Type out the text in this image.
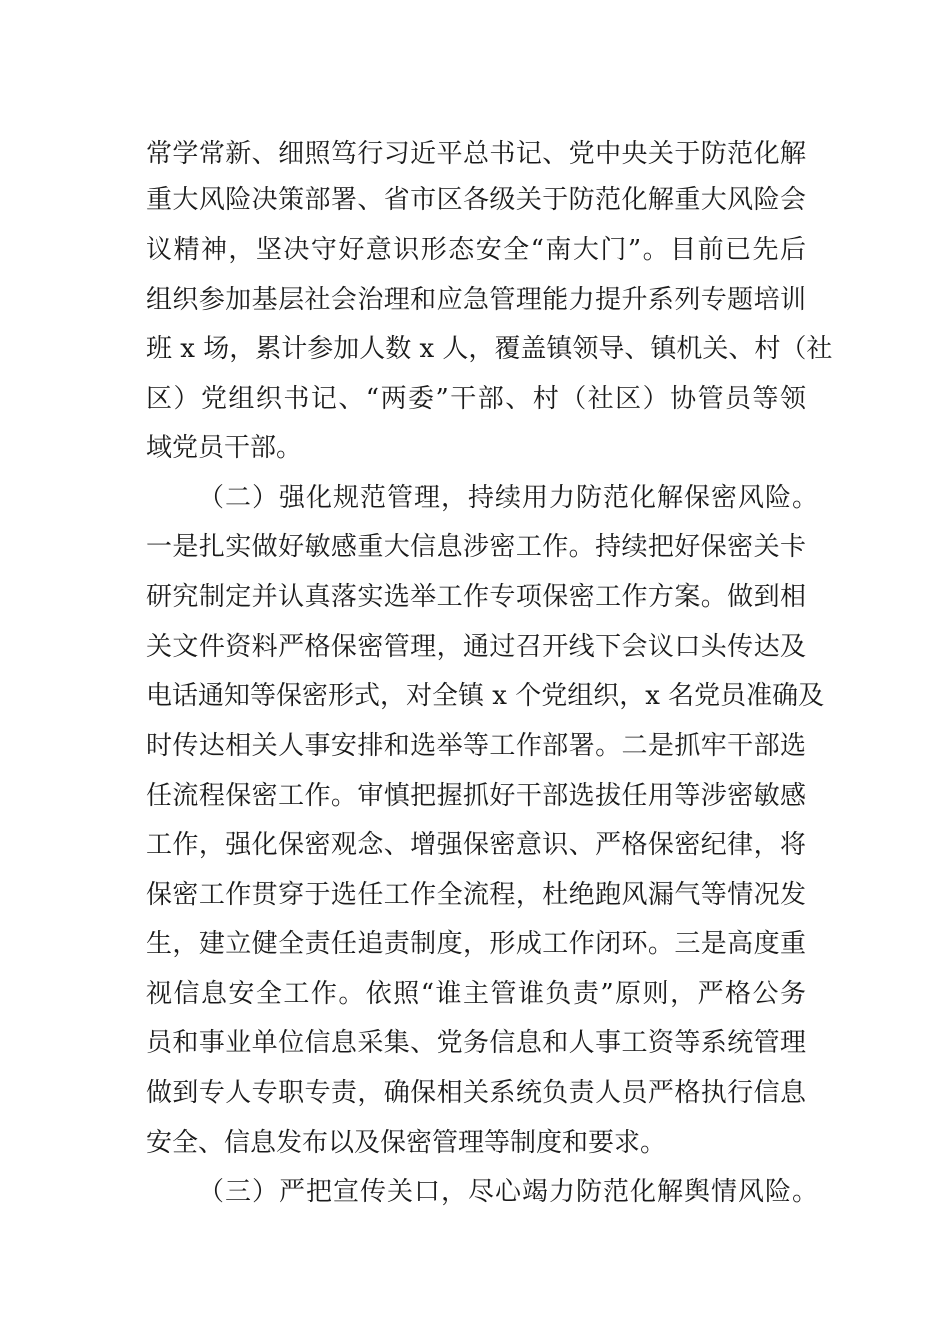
常学常新、细照笃行习近平总书记、党中央关于防范化解
重大风险决策部署、省市区各级关于防范化解重大风险会
议精神，坚决守好意识形态安全“南大门”。目前已先后
组织参加基层社会治理和应急管理能力提升系列专题培训
班 x 场，累计参加人数 x 人，覆盖镇领导、镇机关、村（社
区）党组织书记、“两委”干部、村（社区）协管员等领
域党员干部。
（二）强化规范管理，持续用力防范化解保密风险。
一是扎实做好敏感重大信息涉密工作。持续把好保密关卡
研究制定并认真落实选举工作专项保密工作方案。做到相
关文件资料严格保密管理，通过召开线下会议口头传达及
电话通知等保密形式，对全镇 x 个党组织，x 名党员准确及
时传达相关人事安排和选举等工作部署。二是抓牢干部选
任流程保密工作。审慎把握抓好干部选拔任用等涉密敏感
工作，强化保密观念、增强保密意识、严格保密纪律，将
保密工作贯穿于选任工作全流程，杜绝跑风漏气等情况发
生，建立健全责任追责制度，形成工作闭环。三是高度重
视信息安全工作。依照“谁主管谁负责”原则，严格公务
员和事业单位信息采集、党务信息和人事工资等系统管理
做到专人专职专责，确保相关系统负责人员严格执行信息
安全、信息发布以及保密管理等制度和要求。
（三）严把宣传关口，尽心竭力防范化解舆情风险。
